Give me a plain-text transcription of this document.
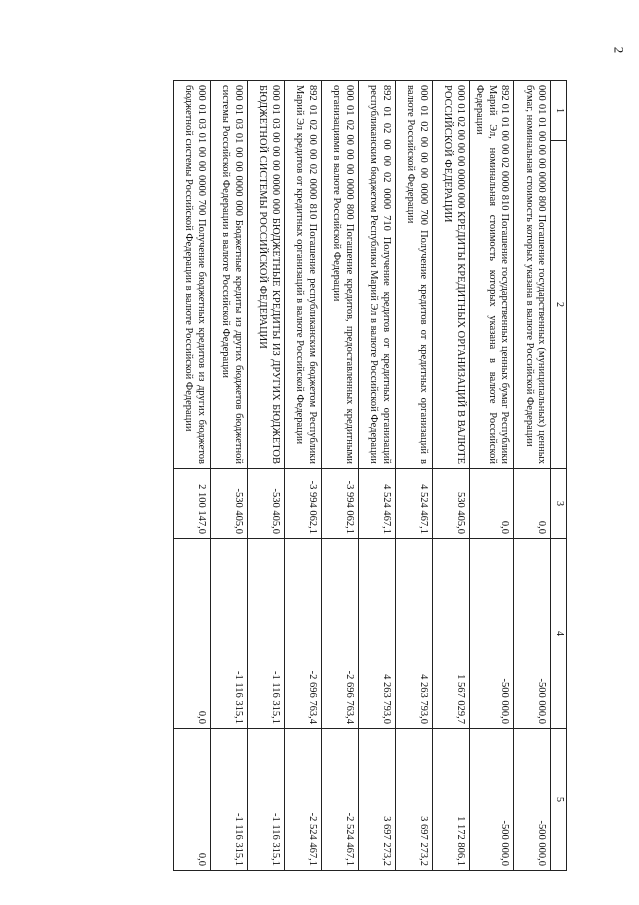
2
1	2	3	4	5
000 01 01 00 00 00 0000 800 Погашение государственных (муниципальных) ценных бумаг, номинальная стоимость которых указана в валюте Российской Федерации		0,0	-500 000,0	-500 000,0
892 01 01 00 00 02 0000 810 Погашение государственных ценных бумаг Республики Марий Эл, номинальная стоимость которых указана в валюте Российской Федерации		0,0	-500 000,0	-500 000,0
000 01 02 00 00 00 0000 000 КРЕДИТЫ КРЕДИТНЫХ ОРГАНИЗАЦИЙ В ВАЛЮТЕ РОССИЙСКОЙ ФЕДЕРАЦИИ		530 405,0	1 567 029,7	1 172 806,1
000 01 02 00 00 00 0000 700 Получение кредитов от кредитных организаций в валюте Российской Федерации		4 524 467,1	4 263 793,0	3 697 273,2
892 01 02 00 00 02 0000 710 Получение кредитов от кредитных организаций республиканским бюджетом Республики Марий Эл в валюте Российской Федерации		4 524 467,1	4 263 793,0	3 697 273,2
000 01 02 00 00 00 0000 800 Погашение кредитов, предоставленных кредитными организациями в валюте Российской Федерации		-3 994 062,1	-2 696 763,4	-2 524 467,1
892 01 02 00 00 02 0000 810 Погашение республиканским бюджетом Республики Марий Эл кредитов от кредитных организаций в валюте Российской Федерации		-3 994 062,1	-2 696 763,4	-2 524 467,1
000 01 03 00 00 00 0000 000 БЮДЖЕТНЫЕ КРЕДИТЫ ИЗ ДРУГИХ БЮДЖЕТОВ БЮДЖЕТНОЙ СИСТЕМЫ РОССИЙСКОЙ ФЕДЕРАЦИИ		-530 405,0	-1 116 315,1	-1 116 315,1
000 01 03 01 00 00 0000 000 Бюджетные кредиты из других бюджетов бюджетной системы Российской Федерации в валюте Российской Федерации		-530 405,0	-1 116 315,1	-1 116 315,1
000 01 03 01 00 00 0000 700 Получение бюджетных кредитов из других бюджетов бюджетной системы Российской Федерации в валюте Российской Федерации		2 100 147,0	0,0	0,0
